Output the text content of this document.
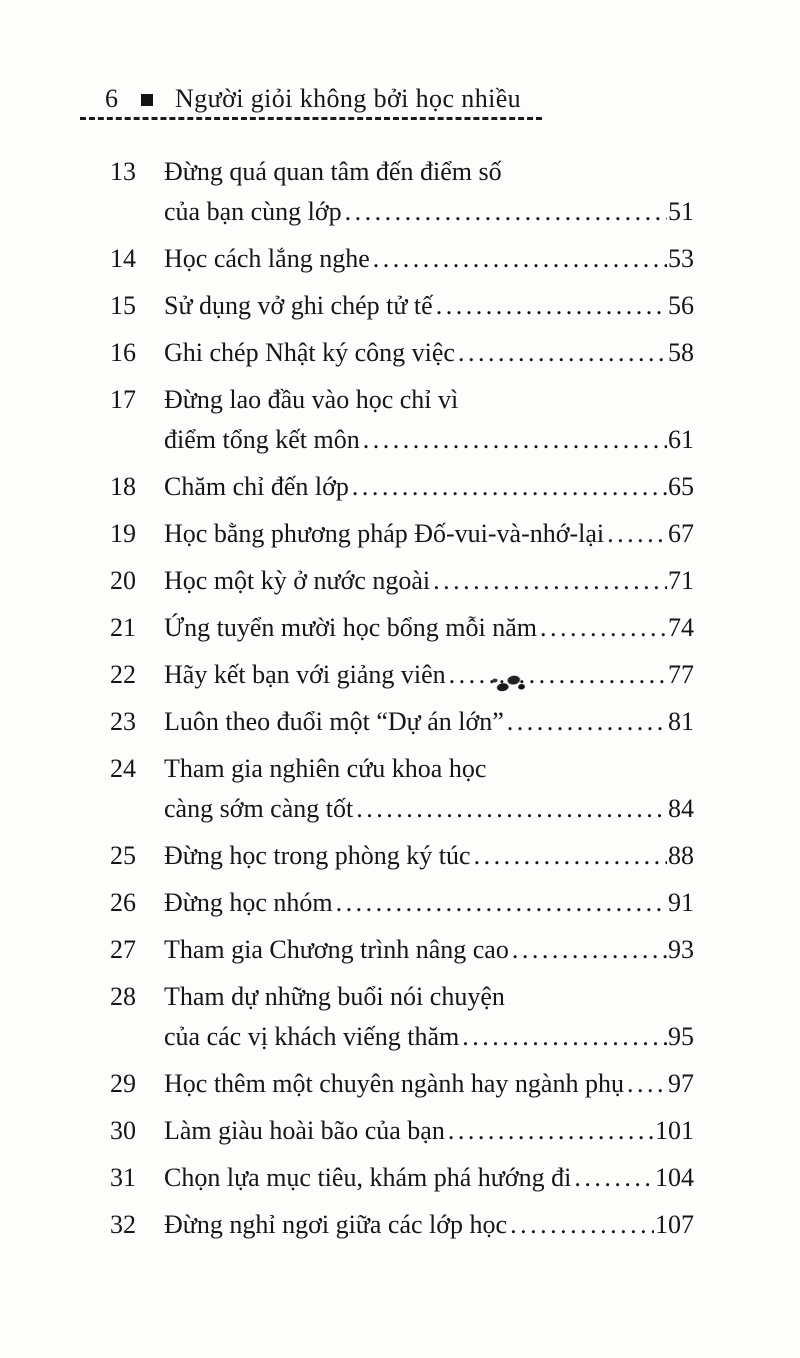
6	Người giỏi không bởi học nhiều
13	Đừng quá quan tâm đến điểm số
của bạn cùng lớp .....	51
14	Học cách lắng nghe .....	53
15	Sử dụng vở ghi chép tử tế .....	56
16	Ghi chép Nhật ký công việc .....	58
17	Đừng lao đầu vào học chỉ vì
điểm tổng kết môn .....	61
18	Chăm chỉ đến lớp .....	65
19	Học bằng phương pháp Đố-vui-và-nhớ-lại ..... 67
20	Học một kỳ ở nước ngoài .....	71
21	Ứng tuyển mười học bổng mỗi năm .....	74
22	Hãy kết bạn với giảng viên .....	77
23	Luôn theo đuổi một “Dự án lớn” .....	81
24	Tham gia nghiên cứu khoa học
càng sớm càng tốt .....	84
25	Đừng học trong phòng ký túc .....	88
26	Đừng học nhóm .....	91
27	Tham gia Chương trình nâng cao .....	93
28	Tham dự những buổi nói chuyện
của các vị khách viếng thăm .....	95
29	Học thêm một chuyên ngành hay ngành phụ ..... 97
30	Làm giàu hoài bão của bạn .....	101
31	Chọn lựa mục tiêu, khám phá hướng đi .....	104
32	Đừng nghỉ ngơi giữa các lớp học .....	107
